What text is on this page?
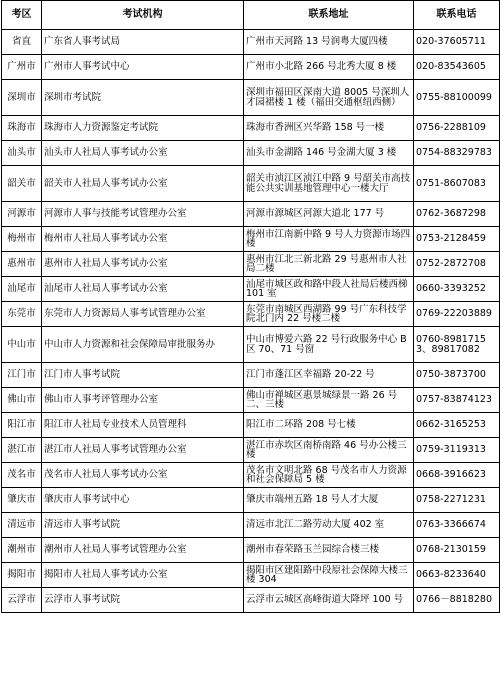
考区	考试机构	联系地址	联系电话
省直	广东省人事考试局	广州市天河路 13 号润粤大厦四楼	020-37605711
广州市	广州市人事考试中心	广州市小北路 266 号北秀大厦 8 楼	020-83543605
深圳市	深圳市考试院	深圳市福田区深南大道 8005 号深圳人才园裙楼 1 楼（福田交通枢纽西侧）	0755-88100099
珠海市	珠海市人力资源鉴定考试院	珠海市香洲区兴华路 158 号一楼	0756-2288109
汕头市	汕头市人社局人事考试办公室	汕头市金湖路 146 号金湖大厦 3 楼	0754-88329783
韶关市	韶关市人社局人事考试办公室	韶关市浈江区浈江中路 9 号韶关市高技能公共实训基地管理中心一楼大厅	0751-8607083
河源市	河源市人事与技能考试管理办公室	河源市源城区河源大道北 177 号	0762-3687298
梅州市	梅州市人社局人事考试办公室	梅州市江南新中路 9 号人力资源市场四楼	0753-2128459
惠州市	惠州市人社局人事考试办公室	惠州市江北三新北路 29 号惠州市人社局二楼	0752-2872708
汕尾市	汕尾市人社局人事考试办公室	汕尾市城区政和路中段人社局后楼西梯 101 室	0660-3393252
东莞市	东莞市人力资源局人事考试管理办公室	东莞市南城区西湖路 99 号广东科技学院北门内 22 号楼二楼	0769-22203889
中山市	中山市人力资源和社会保障局审批服务办	中山市博爱六路 22 号行政服务中心 B 区 70、71 号窗	0760-89817153、89817082
江门市	江门市人事考试院	江门市蓬江区幸福路 20-22 号	0750-3873700
佛山市	佛山市人事考评管理办公室	佛山市禅城区惠景城绿景一路 26 号二、三楼	0757-83874123
阳江市	阳江市人社局专业技术人员管理科	阳江市二环路 208 号七楼	0662-3165253
湛江市	湛江市人社局人事考试管理办公室	湛江市赤坎区南桥南路 46 号办公楼三楼	0759-3119313
茂名市	茂名市人社局人事考试办公室	茂名市文明北路 68 号茂名市人力资源和社会保障局 5 楼	0668-3916623
肇庆市	肇庆市人事考试中心	肇庆市端州五路 18 号人才大厦	0758-2271231
清远市	清远市人事考试院	清远市北江二路劳动大厦 402 室	0763-3366674
潮州市	潮州市人社局人事考试管理办公室	潮州市春荣路玉兰园综合楼三楼	0768-2130159
揭阳市	揭阳市人社局人事考试办公室	揭阳市区建阳路中段原社会保障大楼三楼 304	0663-8233640
云浮市	云浮市人事考试院	云浮市云城区高峰街道大降坪 100 号	0766－8818280
